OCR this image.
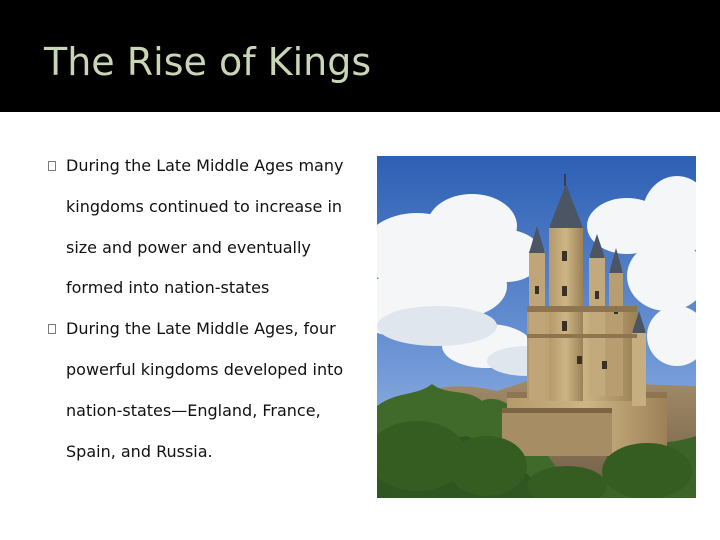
The Rise of Kings
During the Late Middle Ages many kingdoms continued to increase in size and power and eventually formed into nation-states
During the Late Middle Ages, four powerful kingdoms developed into nation-states—England, France, Spain, and Russia.
